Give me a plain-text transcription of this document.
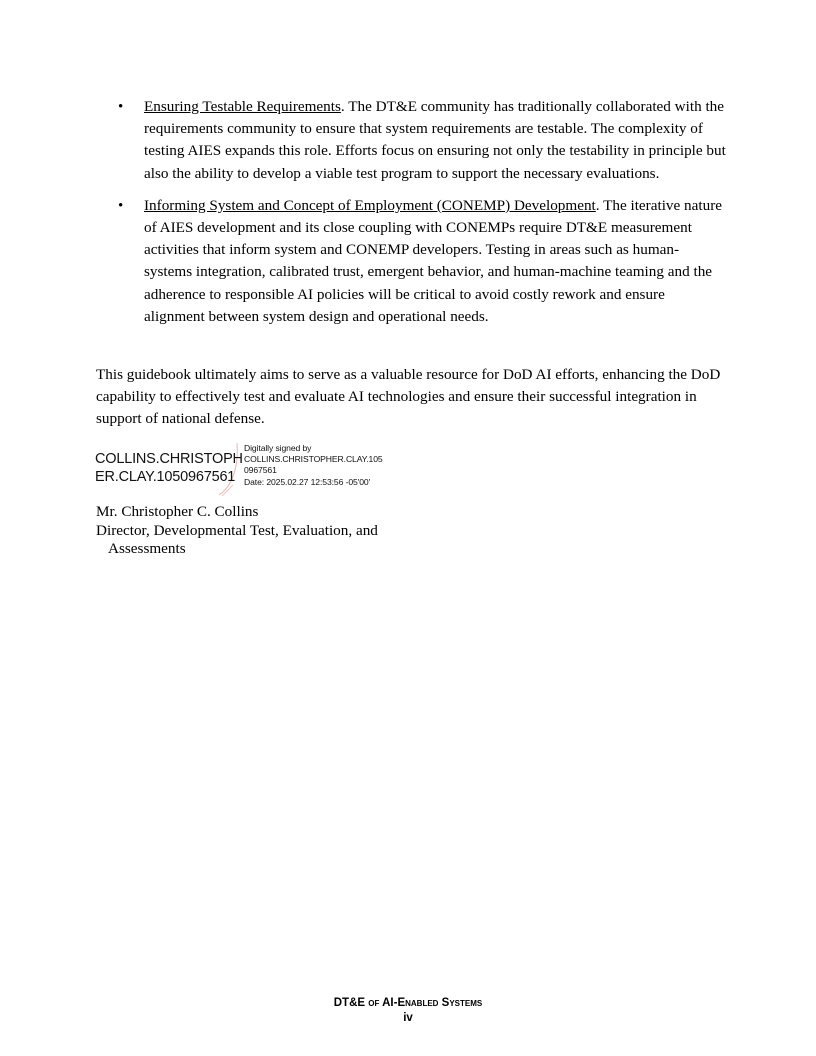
• Ensuring Testable Requirements. The DT&E community has traditionally collaborated with the requirements community to ensure that system requirements are testable. The complexity of testing AIES expands this role. Efforts focus on ensuring not only the testability in principle but also the ability to develop a viable test program to support the necessary evaluations.
• Informing System and Concept of Employment (CONEMP) Development. The iterative nature of AIES development and its close coupling with CONEMPs require DT&E measurement activities that inform system and CONEMP developers. Testing in areas such as human-systems integration, calibrated trust, emergent behavior, and human-machine teaming and the adherence to responsible AI policies will be critical to avoid costly rework and ensure alignment between system design and operational needs.

This guidebook ultimately aims to serve as a valuable resource for DoD AI efforts, enhancing the DoD capability to effectively test and evaluate AI technologies and ensure their successful integration in support of national defense.

COLLINS.CHRISTOPH
ER.CLAY.1050967561
Digitally signed by
COLLINS.CHRISTOPHER.CLAY.105
0967561
Date: 2025.02.27 12:53:56 -05'00'
Mr. Christopher C. Collins
Director, Developmental Test, Evaluation, and
Assessments
DT&E of AI-Enabled Systems
iv
